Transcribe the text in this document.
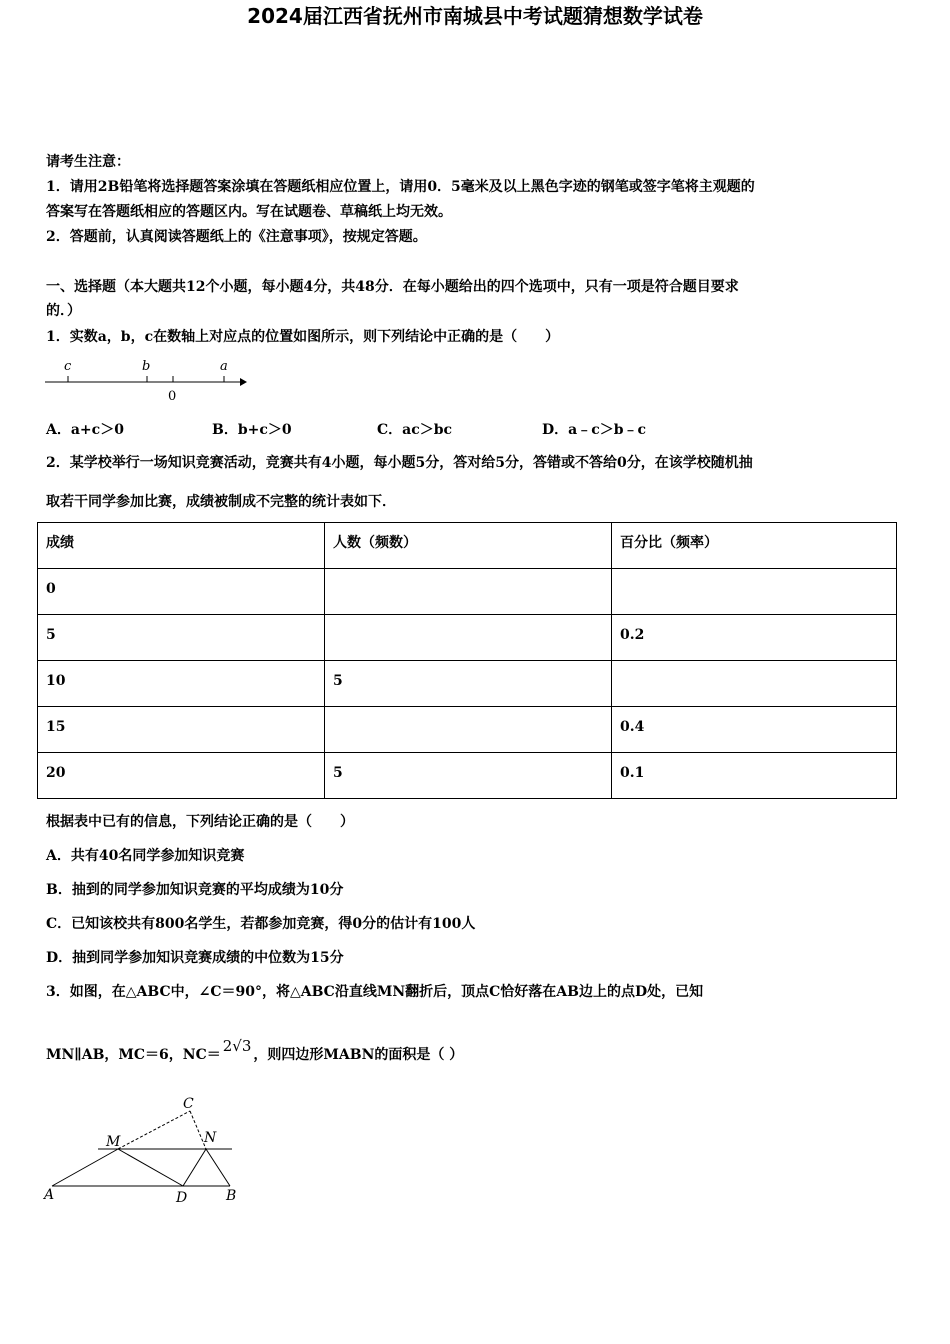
2024届江西省抚州市南城县中考试题猜想数学试卷
请考生注意：
1．请用2B铅笔将选择题答案涂填在答题纸相应位置上，请用0．5毫米及以上黑色字迹的钢笔或签字笔将主观题的
答案写在答题纸相应的答题区内。写在试题卷、草稿纸上均无效。
2．答题前，认真阅读答题纸上的《注意事项》，按规定答题。
一、选择题（本大题共12个小题，每小题4分，共48分．在每小题给出的四个选项中，只有一项是符合题目要求
的．）
1．实数a，b，c在数轴上对应点的位置如图所示，则下列结论中正确的是（　　）
c	b	a
0
A．a+c＞0	B．b+c＞0	C．ac＞bc	D．a﹣c＞b﹣c
2．某学校举行一场知识竞赛活动，竞赛共有4小题，每小题5分，答对给5分，答错或不答给0分，在该学校随机抽
取若干同学参加比赛，成绩被制成不完整的统计表如下．
成绩	人数（频数）	百分比（频率）
0		
5		0.2
10	5	
15		0.4
20	5	0.1
根据表中已有的信息，下列结论正确的是（　　）
A．共有40名同学参加知识竞赛
B．抽到的同学参加知识竞赛的平均成绩为10分
C．已知该校共有800名学生，若都参加竞赛，得0分的估计有100人
D．抽到同学参加知识竞赛成绩的中位数为15分
3．如图，在△ABC中，∠C＝90°，将△ABC沿直线MN翻折后，顶点C恰好落在AB边上的点D处，已知
MN∥AB，MC＝6，NC＝ 2√3 ，则四边形MABN的面积是（ ）
C
M	N
A	D	B
